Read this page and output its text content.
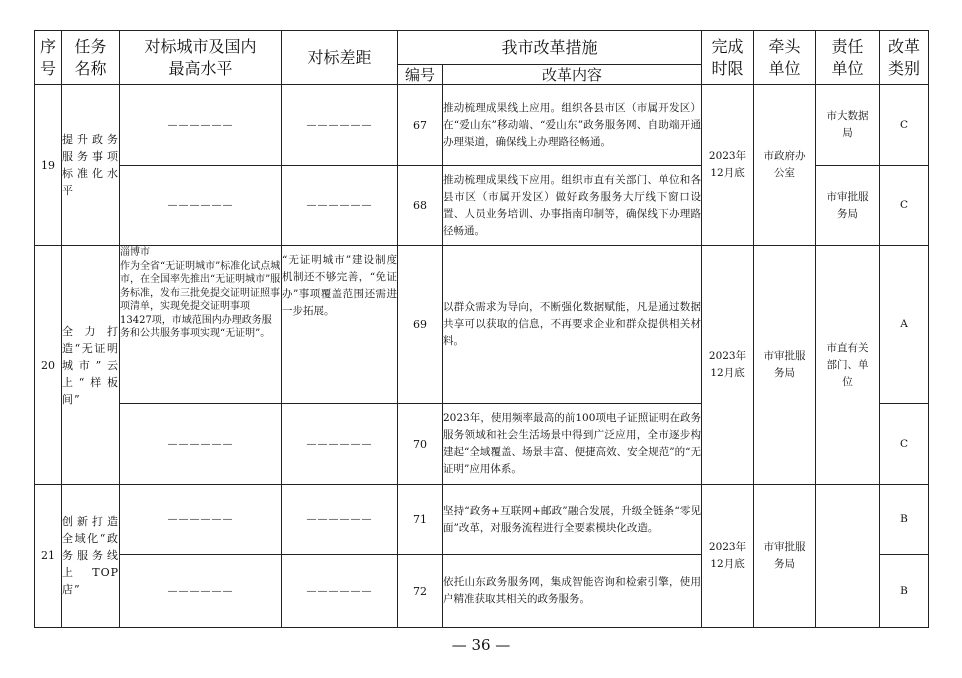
序号	任务名称	对标城市及国内最高水平	对标差距	我市改革措施		完成时限	牵头单位	责任单位	改革类别
				编号	改革内容				
19	提升政务服务事项标准化水平	——————	——————	67	推动梳理成果线上应用。组织各县市区（市属开发区）在“爱山东”移动端、“爱山东”政务服务网、自助端开通办理渠道，确保线上办理路径畅通。	2023年12月底	市政府办公室	市大数据局	C
		——————	——————	68	推动梳理成果线下应用。组织市直有关部门、单位和各县市区（市属开发区）做好政务服务大厅线下窗口设置、人员业务培训、办事指南印制等，确保线下办理路径畅通。			市审批服务局	C
20	全力打造“无证明城市”云上“样板间”	淄博市
作为全省“无证明城市”标准化试点城市，在全国率先推出“无证明城市”服务标准，发布三批免提交证明证照事项清单，实现免提交证明事项13427项，市域范围内办理政务服务和公共服务事项实现“无证明”。	“无证明城市”建设制度机制还不够完善，“免证办”事项覆盖范围还需进一步拓展。	69	以群众需求为导向，不断强化数据赋能，凡是通过数据共享可以获取的信息，不再要求企业和群众提供相关材料。	2023年12月底	市审批服务局	市直有关部门、单位	A
		——————	——————	70	2023年，使用频率最高的前100项电子证照证明在政务服务领域和社会生活场景中得到广泛应用，全市逐步构建起“全域覆盖、场景丰富、便捷高效、安全规范”的“无证明”应用体系。				C
21	创新打造全域化“政务服务线上TOP店”	——————	——————	71	坚持“政务+互联网+邮政”融合发展，升级全链条“零见面”改革，对服务流程进行全要素模块化改造。	2023年12月底	市审批服务局		B
		——————	——————	72	依托山东政务服务网，集成智能咨询和检索引擎，使用户精准获取其相关的政务服务。				B
— 36 —
